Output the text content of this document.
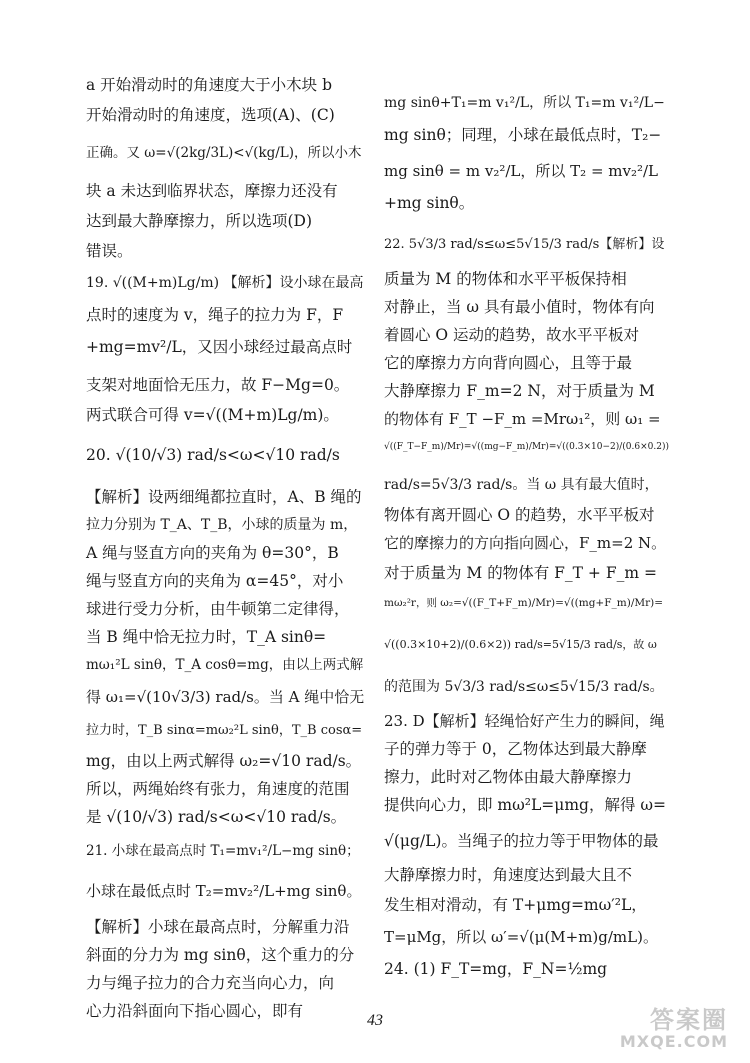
a 开始滑动时的角速度大于小木块 b
开始滑动时的角速度，选项(A)、(C)
正确。又 ω=√(2kg/3L)<√(kg/L)，所以小木
块 a 未达到临界状态，摩擦力还没有
达到最大静摩擦力，所以选项(D)
错误。
19. √((M+m)Lg/m) 【解析】设小球在最高
点时的速度为 v，绳子的拉力为 F，F
+mg=mv²/L，又因小球经过最高点时
支架对地面恰无压力，故 F−Mg=0。
两式联合可得 v=√((M+m)Lg/m)。
20. √(10/√3) rad/s<ω<√10 rad/s
【解析】设两细绳都拉直时，A、B 绳的
拉力分别为 T_A、T_B，小球的质量为 m，
A 绳与竖直方向的夹角为 θ=30°，B
绳与竖直方向的夹角为 α=45°，对小
球进行受力分析，由牛顿第二定律得，
当 B 绳中恰无拉力时，T_A sinθ=
mω₁²L sinθ，T_A cosθ=mg，由以上两式解
得 ω₁=√(10√3/3) rad/s。当 A 绳中恰无
拉力时，T_B sinα=mω₂²L sinθ，T_B cosα=
mg，由以上两式解得 ω₂=√10 rad/s。
所以，两绳始终有张力，角速度的范围
是 √(10/√3) rad/s<ω<√10 rad/s。
21. 小球在最高点时 T₁=mv₁²/L−mg sinθ；
小球在最低点时 T₂=mv₂²/L+mg sinθ。
【解析】小球在最高点时，分解重力沿
斜面的分力为 mg sinθ，这个重力的分
力与绳子拉力的合力充当向心力，向
心力沿斜面向下指心圆心，即有
mg sinθ+T₁=m v₁²/L，所以 T₁=m v₁²/L−
mg sinθ；同理，小球在最低点时，T₂−
mg sinθ = m v₂²/L，所以 T₂ = mv₂²/L
+mg sinθ。
22. 5√3/3 rad/s≤ω≤5√15/3 rad/s【解析】设
质量为 M 的物体和水平平板保持相
对静止，当 ω 具有最小值时，物体有向
着圆心 O 运动的趋势，故水平平板对
它的摩擦力方向背向圆心，且等于最
大静摩擦力 F_m=2 N，对于质量为 M
的物体有 F_T −F_m =Mrω₁²，则 ω₁ =
√((F_T−F_m)/Mr)=√((mg−F_m)/Mr)=√((0.3×10−2)/(0.6×0.2))
rad/s=5√3/3 rad/s。当 ω 具有最大值时，
物体有离开圆心 O 的趋势，水平平板对
它的摩擦力的方向指向圆心，F_m=2 N。
对于质量为 M 的物体有 F_T + F_m =
mω₂²r，则 ω₂=√((F_T+F_m)/Mr)=√((mg+F_m)/Mr)=
√((0.3×10+2)/(0.6×2)) rad/s=5√15/3 rad/s，故 ω
的范围为 5√3/3 rad/s≤ω≤5√15/3 rad/s。
23. D【解析】轻绳恰好产生力的瞬间，绳
子的弹力等于 0，乙物体达到最大静摩
擦力，此时对乙物体由最大静摩擦力
提供向心力，即 mω²L=μmg，解得 ω=
√(μg/L)。当绳子的拉力等于甲物体的最
大静摩擦力时，角速度达到最大且不
发生相对滑动，有 T+μmg=mω′²L，
T=μMg，所以 ω′=√(μ(M+m)g/mL)。
24. (1) F_T=mg，F_N=½mg
43	答案圈
MXQE.COM
